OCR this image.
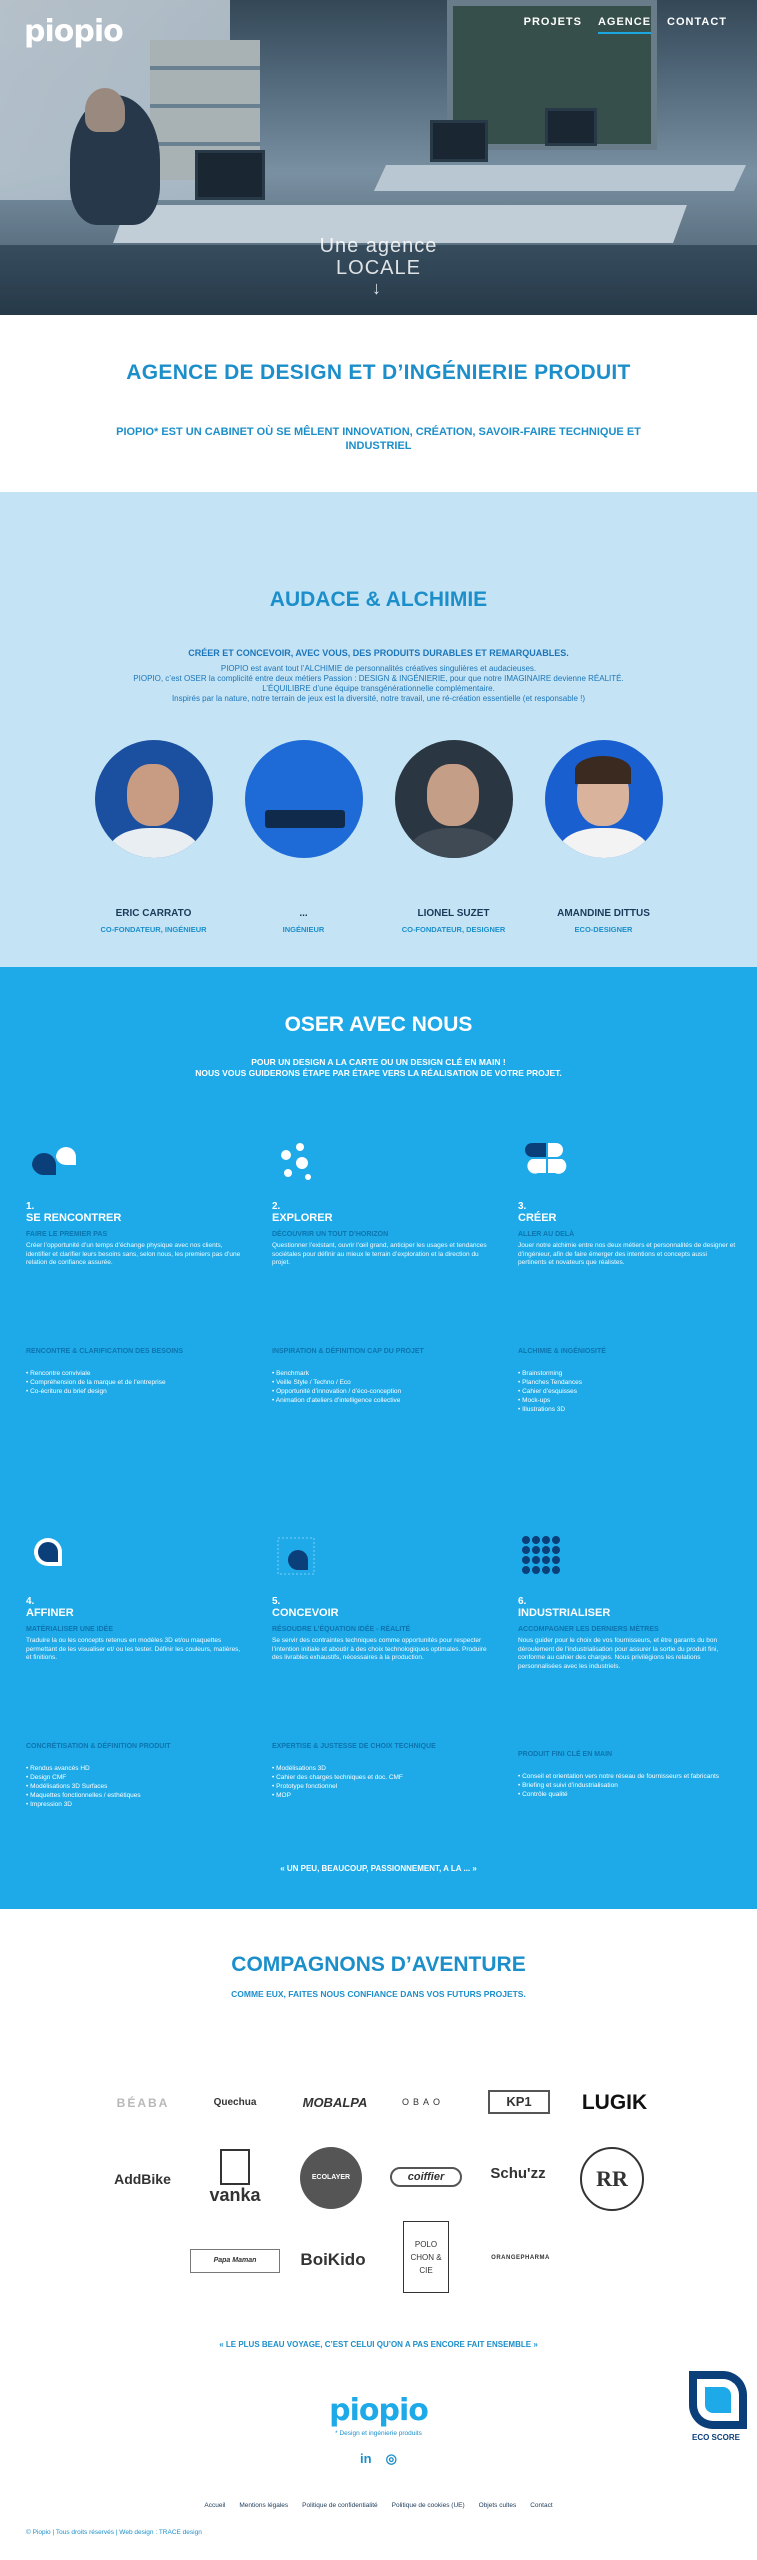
piopio	PROJETS AGENCE CONTACT
Une agence
LOCALE
↓
AGENCE DE DESIGN ET D’INGÉNIERIE PRODUIT

PIOPIO* EST UN CABINET OÙ SE MÊLENT INNOVATION, CRÉATION, SAVOIR-FAIRE TECHNIQUE ET INDUSTRIEL

AUDACE & ALCHIMIE
CRÉER ET CONCEVOIR, AVEC VOUS, DES PRODUITS DURABLES ET REMARQUABLES.
PIOPIO est avant tout l’ALCHIMIE de personnalités créatives singulières et audacieuses.
PIOPIO, c’est OSER la complicité entre deux métiers Passion : DESIGN & INGÉNIERIE, pour que notre IMAGINAIRE devienne RÉALITÉ.
L’ÉQUILIBRE d’une équipe transgénérationnelle complémentaire.
Inspirés par la nature, notre terrain de jeux est la diversité, notre travail, une ré-création essentielle (et responsable !)
ERIC CARRATO
CO-FONDATEUR, INGÉNIEUR
...
INGÉNIEUR
LIONEL SUZET
CO-FONDATEUR, DESIGNER
AMANDINE DITTUS
ECO-DESIGNER
OSER AVEC NOUS
POUR UN DESIGN A LA CARTE OU UN DESIGN CLÉ EN MAIN !
NOUS VOUS GUIDERONS ÉTAPE PAR ÉTAPE VERS LA RÉALISATION DE VOTRE PROJET.
1.
SE RENCONTRER
FAIRE LE PREMIER PAS
Créer l’opportunité d’un temps d’échange physique avec nos clients, identifier et clarifier leurs besoins sans, selon nous, les premiers pas d’une relation de confiance assurée.
RENCONTRE & CLARIFICATION DES BESOINS
• Rencontre conviviale
• Compréhension de la marque et de l’entreprise
• Co-écriture du brief design
2.
EXPLORER
DÉCOUVRIR UN TOUT D’HORIZON
Questionner l’existant, ouvrir l’œil grand, anticiper les usages et tendances sociétales pour définir au mieux le terrain d’exploration et la direction du projet.
INSPIRATION & DÉFINITION CAP DU PROJET
• Benchmark
• Veille Style / Techno / Eco
• Opportunité d’innovation / d’éco-conception
• Animation d’ateliers d’intelligence collective
3.
CRÉER
ALLER AU DELÀ
Jouer notre alchimie entre nos deux métiers et personnalités de designer et d’ingénieur, afin de faire émerger des intentions et concepts aussi pertinents et novateurs que réalistes.
ALCHIMIE & INGÉNIOSITÉ
• Brainstorming
• Planches Tendances
• Cahier d’esquisses
• Mock-ups
• Illustrations 3D
4.
AFFINER
MATÉRIALISER UNE IDÉE
Traduire la ou les concepts retenus en modèles 3D et/ou maquettes permettant de les visualiser et/ ou les tester. Définir les couleurs, matières, et finitions.
CONCRÉTISATION & DÉFINITION PRODUIT
• Rendus avancés HD
• Design CMF
• Modélisations 3D Surfaces
• Maquettes fonctionnelles / esthétiques
• Impression 3D
5.
CONCEVOIR
RÉSOUDRE L’ÉQUATION IDÉE - RÉALITÉ
Se servir des contraintes techniques comme opportunités pour respecter l’intention initiale et aboutir à des choix technologiques optimales. Produire des livrables exhaustifs, nécessaires à la production.
EXPERTISE & JUSTESSE DE CHOIX TECHNIQUE
• Modélisations 3D
• Cahier des charges techniques et doc. CMF
• Prototype fonctionnel
• MOP
6.
INDUSTRIALISER
ACCOMPAGNER LES DERNIERS MÈTRES
Nous guider pour le choix de vos fournisseurs, et être garants du bon déroulement de l’industrialisation pour assurer la sortie du produit fini, conforme au cahier des charges. Nous privilégions les relations personnalisées avec les industriels.
PRODUIT FINI CLÉ EN MAIN
• Conseil et orientation vers notre réseau de fournisseurs et fabricants
• Briefing et suivi d’industrialisation
• Contrôle qualité
« UN PEU, BEAUCOUP, PASSIONNEMENT, A LA ... »
COMPAGNONS D’AVENTURE
COMME EUX, FAITES NOUS CONFIANCE DANS VOS FUTURS PROJETS.
BÉABA	Quechua	MOBALPA	OBAO	KP1	LUGIK
AddBike
vanka
ECOLAYER	coiffier	Schu'zz	RR
Papa Maman	BoiKido
POLO CHON & CIE
ORANGEPHARMA
« LE PLUS BEAU VOYAGE, C’EST CELUI QU’ON A PAS ENCORE FAIT ENSEMBLE »
piopio
* Design et ingénierie produits
in ◎
Accueil Mentions légales Politique de confidentialité Politique de cookies (UE) Objets cultes Contact
© Piopio | Tous droits réservés | Web design : TRACE design
ECO SCORE
